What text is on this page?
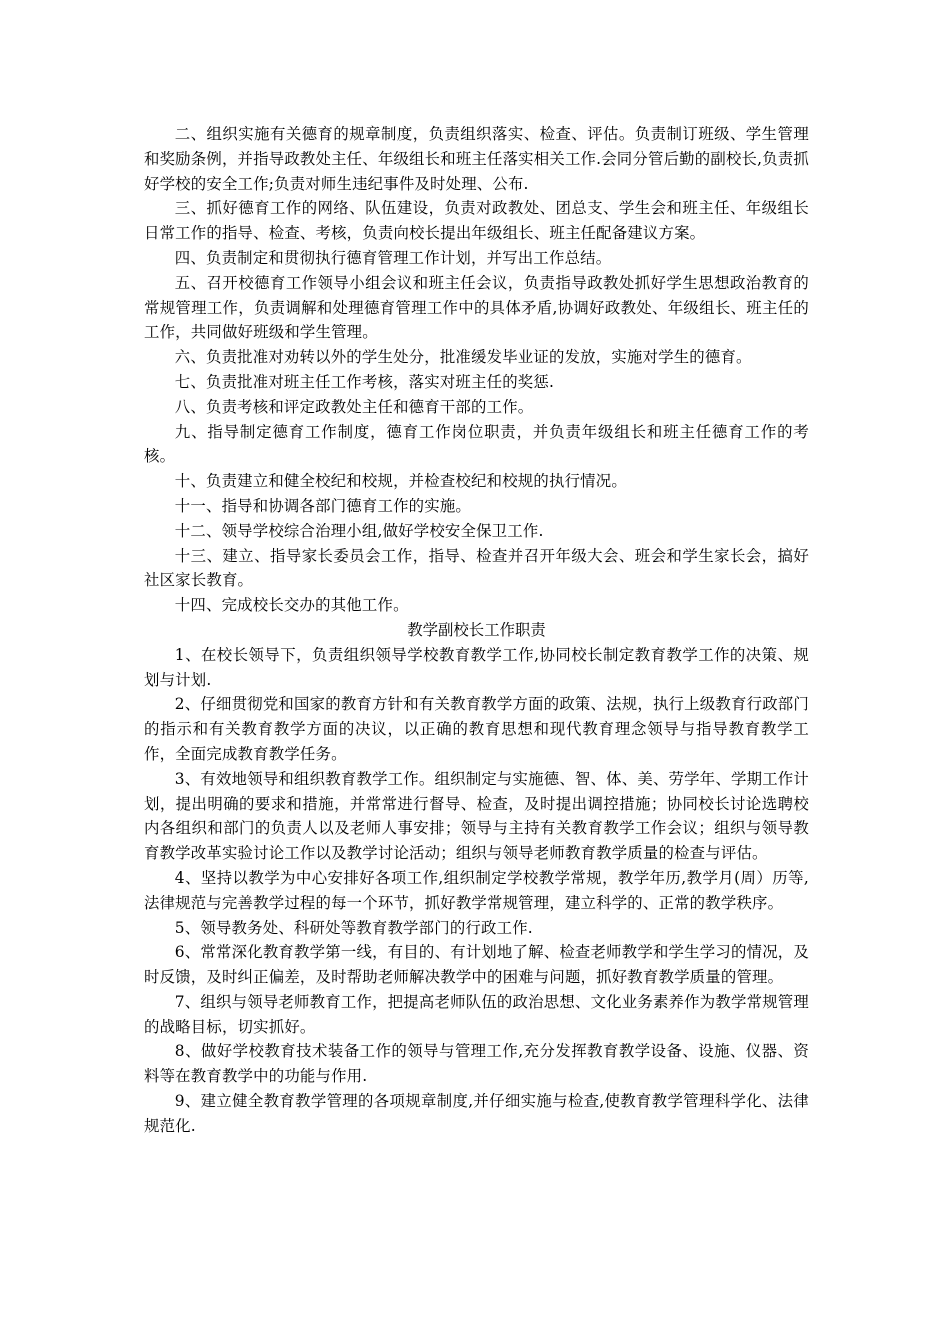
二、组织实施有关德育的规章制度，负责组织落实、检查、评估。负责制订班级、学生管理和奖励条例，并指导政教处主任、年级组长和班主任落实相关工作.会同分管后勤的副校长,负责抓好学校的安全工作;负责对师生违纪事件及时处理、公布.

三、抓好德育工作的网络、队伍建设，负责对政教处、团总支、学生会和班主任、年级组长日常工作的指导、检查、考核，负责向校长提出年级组长、班主任配备建议方案。

四、负责制定和贯彻执行德育管理工作计划，并写出工作总结。

五、召开校德育工作领导小组会议和班主任会议，负责指导政教处抓好学生思想政治教育的常规管理工作，负责调解和处理德育管理工作中的具体矛盾,协调好政教处、年级组长、班主任的工作，共同做好班级和学生管理。

六、负责批准对劝转以外的学生处分，批准缓发毕业证的发放，实施对学生的德育。

七、负责批准对班主任工作考核，落实对班主任的奖惩.

八、负责考核和评定政教处主任和德育干部的工作。

九、指导制定德育工作制度，德育工作岗位职责，并负责年级组长和班主任德育工作的考核。

十、负责建立和健全校纪和校规，并检查校纪和校规的执行情况。

十一、指导和协调各部门德育工作的实施。

十二、领导学校综合治理小组,做好学校安全保卫工作.

十三、建立、指导家长委员会工作，指导、检查并召开年级大会、班会和学生家长会，搞好社区家长教育。

十四、完成校长交办的其他工作。

教学副校长工作职责

1、在校长领导下，负责组织领导学校教育教学工作,协同校长制定教育教学工作的决策、规划与计划.

2、仔细贯彻党和国家的教育方针和有关教育教学方面的政策、法规，执行上级教育行政部门的指示和有关教育教学方面的决议，以正确的教育思想和现代教育理念领导与指导教育教学工作，全面完成教育教学任务。

3、有效地领导和组织教育教学工作。组织制定与实施德、智、体、美、劳学年、学期工作计划，提出明确的要求和措施，并常常进行督导、检查，及时提出调控措施；协同校长讨论选聘校内各组织和部门的负责人以及老师人事安排；领导与主持有关教育教学工作会议；组织与领导教育教学改革实验讨论工作以及教学讨论活动；组织与领导老师教育教学质量的检查与评估。

4、坚持以教学为中心安排好各项工作,组织制定学校教学常规，教学年历,教学月(周）历等,法律规范与完善教学过程的每一个环节，抓好教学常规管理，建立科学的、正常的教学秩序。

5、领导教务处、科研处等教育教学部门的行政工作.

6、常常深化教育教学第一线，有目的、有计划地了解、检查老师教学和学生学习的情况，及时反馈，及时纠正偏差，及时帮助老师解决教学中的困难与问题，抓好教育教学质量的管理。

7、组织与领导老师教育工作，把提高老师队伍的政治思想、文化业务素养作为教学常规管理的战略目标，切实抓好。

8、做好学校教育技术装备工作的领导与管理工作,充分发挥教育教学设备、设施、仪器、资料等在教育教学中的功能与作用.

9、建立健全教育教学管理的各项规章制度,并仔细实施与检查,使教育教学管理科学化、法律规范化.
